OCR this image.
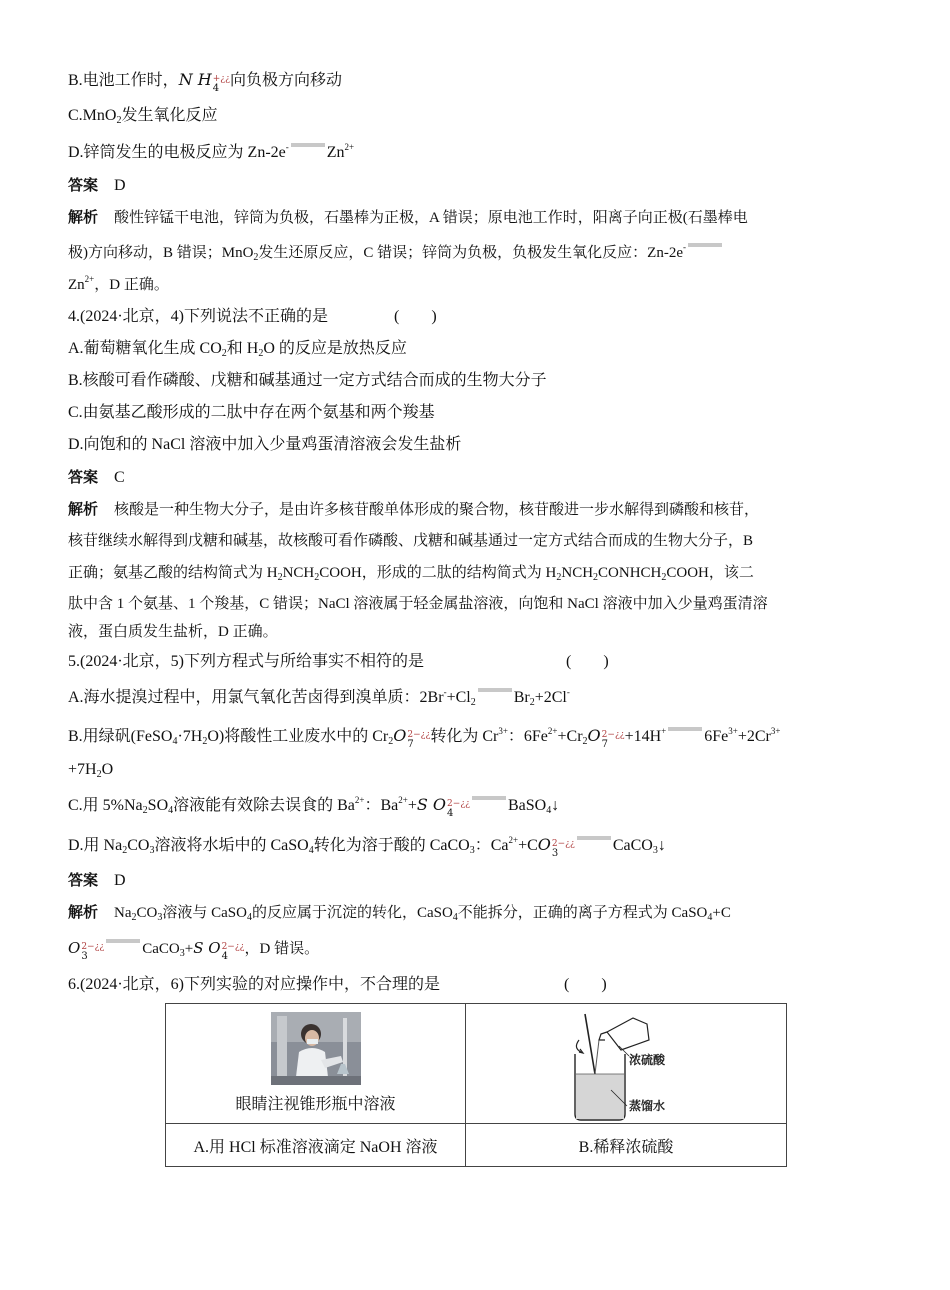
B.电池工作时，N H +¿¿
4 向负极方向移动
C.MnO$_2$发生氧化反应
D.锌筒发生的电极反应为 Zn-2e- $Zn^{2+}$
答案 D
解析 酸性锌锰干电池，锌筒为负极，石墨棒为正极，A 错误；原电池工作时，阳离子向正极(石墨棒电
极)方向移动，B 错误；MnO$_2$发生还原反应，C 错误；锌筒为负极，负极发生氧化反应：Zn-2e-
$Zn^{2+}$，D 正确。
4.(2024·北京，4)下列说法不正确的是	(　　)
A.葡萄糖氧化生成 $CO_2$和 $H_2O$ 的反应是放热反应
B.核酸可看作磷酸、戊糖和碱基通过一定方式结合而成的生物大分子
C.由氨基乙酸形成的二肽中存在两个氨基和两个羧基
D.向饱和的 NaCl 溶液中加入少量鸡蛋清溶液会发生盐析
答案 C
解析 核酸是一种生物大分子，是由许多核苷酸单体形成的聚合物，核苷酸进一步水解得到磷酸和核苷，
核苷继续水解得到戊糖和碱基，故核酸可看作磷酸、戊糖和碱基通过一定方式结合而成的生物大分子，B
正确；氨基乙酸的结构简式为 $H_2NCH_2COOH$，形成的二肽的结构简式为 $H_2NCH_2CONHCH_2COOH$，该二
肽中含 1 个氨基、1 个羧基，C 错误；NaCl 溶液属于轻金属盐溶液，向饱和 NaCl 溶液中加入少量鸡蛋清溶
液，蛋白质发生盐析，D 正确。
5.(2024·北京，5)下列方程式与所给事实不相符的是	(　　)
A.海水提溴过程中，用氯气氧化苦卤得到溴单质：$2Br^-+Cl_2$ $Br_2+2Cl^-$
B.用绿矾$(FeSO_4\cdot 7H_2O)$将酸性工业废水中的 $Cr_2O$ 2−¿¿
7	转化为 $Cr^{3+}$：$6Fe^{2+}+Cr_2O$ 2−¿¿
7	+14H+ $6Fe^{3+}+2Cr^{3+}$
$+7H_2O$
C.用 $5\%Na_2SO_4$溶液能有效除去误食的 $Ba^{2+}$：$Ba^{2+}+S$ O 2−¿¿
4	BaSO$_4$↓
D.用 $Na_2CO_3$溶液将水垢中的 CaSO$_4$转化为溶于酸的 CaCO$_3$：$Ca^{2+}+CO$ 2−¿¿
3	CaCO$_3$↓
答案 D
解析 $Na_2CO_3$溶液与 CaSO$_4$的反应属于沉淀的转化，CaSO$_4$不能拆分，正确的离子方程式为 CaSO$_4$+C
O 2−¿¿
3	CaCO$_3$+S O 2−¿¿
4	，D 错误。
6.(2024·北京，6)下列实验的对应操作中，不合理的是	(　　)
眼睛注视锥形瓶中溶液	浓硫酸
蒸馏水

A.用 HCl 标准溶液滴定 NaOH 溶液	B.稀释浓硫酸
